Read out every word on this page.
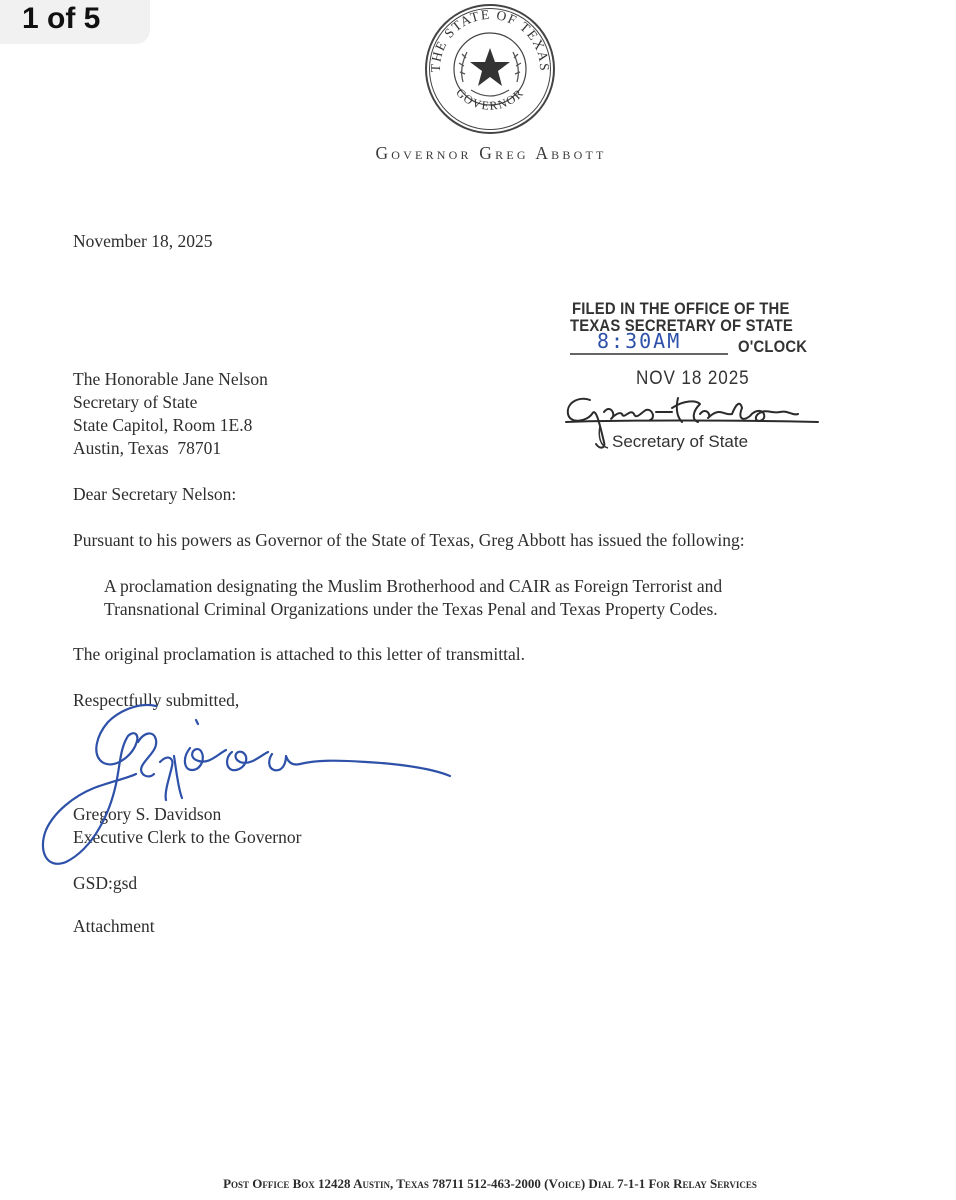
1 of 5
THE STATE OF TEXAS
GOVERNOR
Governor Greg Abbott
November 18, 2025
FILED IN THE OFFICE OF THE
TEXAS SECRETARY OF STATE
8:30AM	O'CLOCK
NOV 18 2025
Secretary of State
The Honorable Jane Nelson
Secretary of State
State Capitol, Room 1E.8
Austin, Texas  78701
Dear Secretary Nelson:
Pursuant to his powers as Governor of the State of Texas, Greg Abbott has issued the following:
A proclamation designating the Muslim Brotherhood and CAIR as Foreign Terrorist and
Transnational Criminal Organizations under the Texas Penal and Texas Property Codes.
The original proclamation is attached to this letter of transmittal.
Respectfully submitted,
Gregory S. Davidson
Executive Clerk to the Governor
GSD:gsd
Attachment
Post Office Box 12428 Austin, Texas 78711 512-463-2000 (Voice) Dial 7-1-1 For Relay Services
